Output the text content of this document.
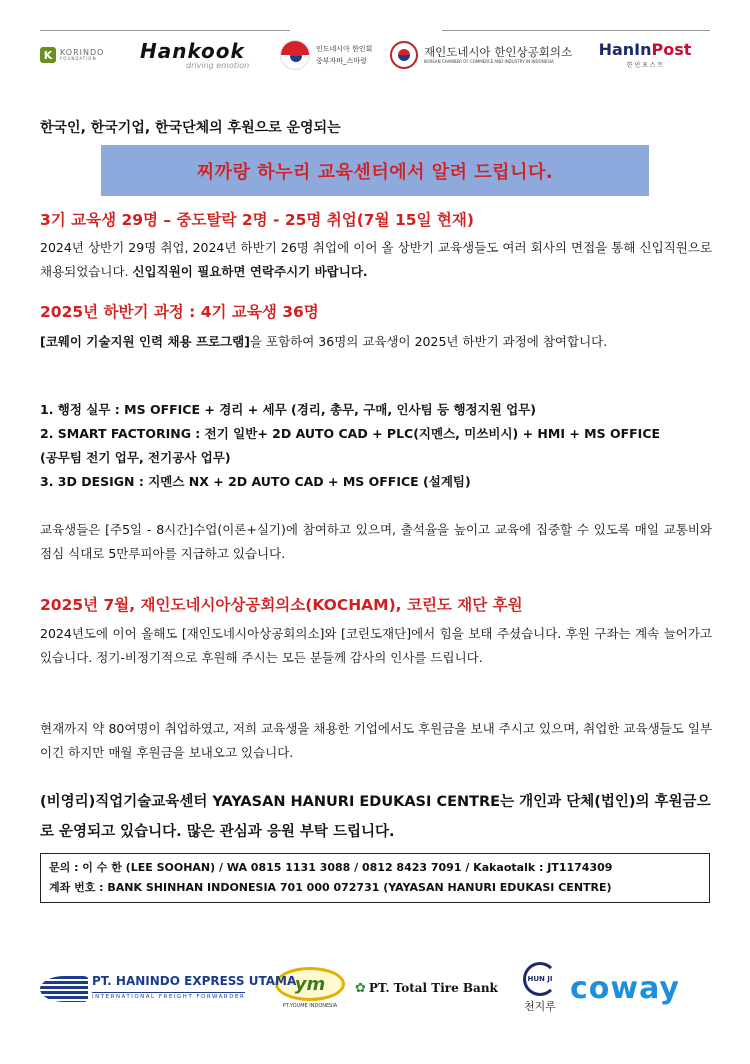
K KORINDO
FOUNDATION	Hankook
driving emotion
인도네시아 한인회
중부자바_스마랑
재인도네시아 한인상공회의소
KOREAN CHAMBER OF COMMERCE AND INDUSTRY IN INDONESIA
HanInPost
한 인 포 스 트
한국인, 한국기업, 한국단체의 후원으로 운영되는
찌까랑 하누리 교육센터에서 알려 드립니다.
3기 교육생 29명 – 중도탈락 2명 - 25명 취업(7월 15일 현재)
2024년 상반기 29명 취업, 2024년 하반기 26명 취업에 이어 올 상반기 교육생들도 여러 회사의 면접을 통해 신입직원으로 채용되었습니다. 신입직원이 필요하면 연락주시기 바랍니다.
2025년 하반기 과정 : 4기 교육생 36명
[코웨이 기술지원 인력 채용 프로그램]을 포함하여 36명의 교육생이 2025년 하반기 과정에 참여합니다.
1. 행정 실무 : MS OFFICE + 경리 + 세무 (경리, 총무, 구매, 인사팀 등 행정지원 업무)
2. SMART FACTORING : 전기 일반+ 2D AUTO CAD + PLC(지멘스, 미쓰비시) + HMI + MS OFFICE
(공무팀 전기 업무, 전기공사 업무)
3. 3D DESIGN : 지멘스 NX + 2D AUTO CAD + MS OFFICE (설계팀)
교육생들은 [주5일 - 8시간]수업(이론+실기)에 참여하고 있으며, 출석율을 높이고 교육에 집중할 수 있도록 매일 교통비와 점심 식대로 5만루피아를 지급하고 있습니다.
2025년 7월, 재인도네시아상공회의소(KOCHAM), 코린도 재단 후원
2024년도에 이어 올해도 [재인도네시아상공회의소]와 [코린도재단]에서 힘을 보태 주셨습니다. 후원 구좌는 계속 늘어가고 있습니다. 정기-비정기적으로 후원해 주시는 모든 분들께 감사의 인사를 드립니다.
현재까지 약 80여명이 취업하였고, 저희 교육생을 채용한 기업에서도 후원금을 보내 주시고 있으며, 취업한 교육생들도 일부이긴 하지만 매월 후원금을 보내오고 있습니다.
(비영리)직업기술교육센터 YAYASAN HANURI EDUKASI CENTRE는 개인과 단체(법인)의 후원금으로 운영되고 있습니다. 많은 관심과 응원 부탁 드립니다.
문의 : 이 수 한 (LEE SOOHAN) / WA 0815 1131 3088 / 0812 8423 7091 / Kakaotalk : JT1174309
계좌 번호 : BANK SHINHAN INDONESIA 701 000 072731 (YAYASAN HANURI EDUKASI CENTRE)
PT. HANINDO EXPRESS UTAMA
INTERNATIONAL FREIGHT FORWARDER
ym
PT.YOUME INDONESIA
✿ PT. Total Tire Bank
HUN JI
천지루
coway
